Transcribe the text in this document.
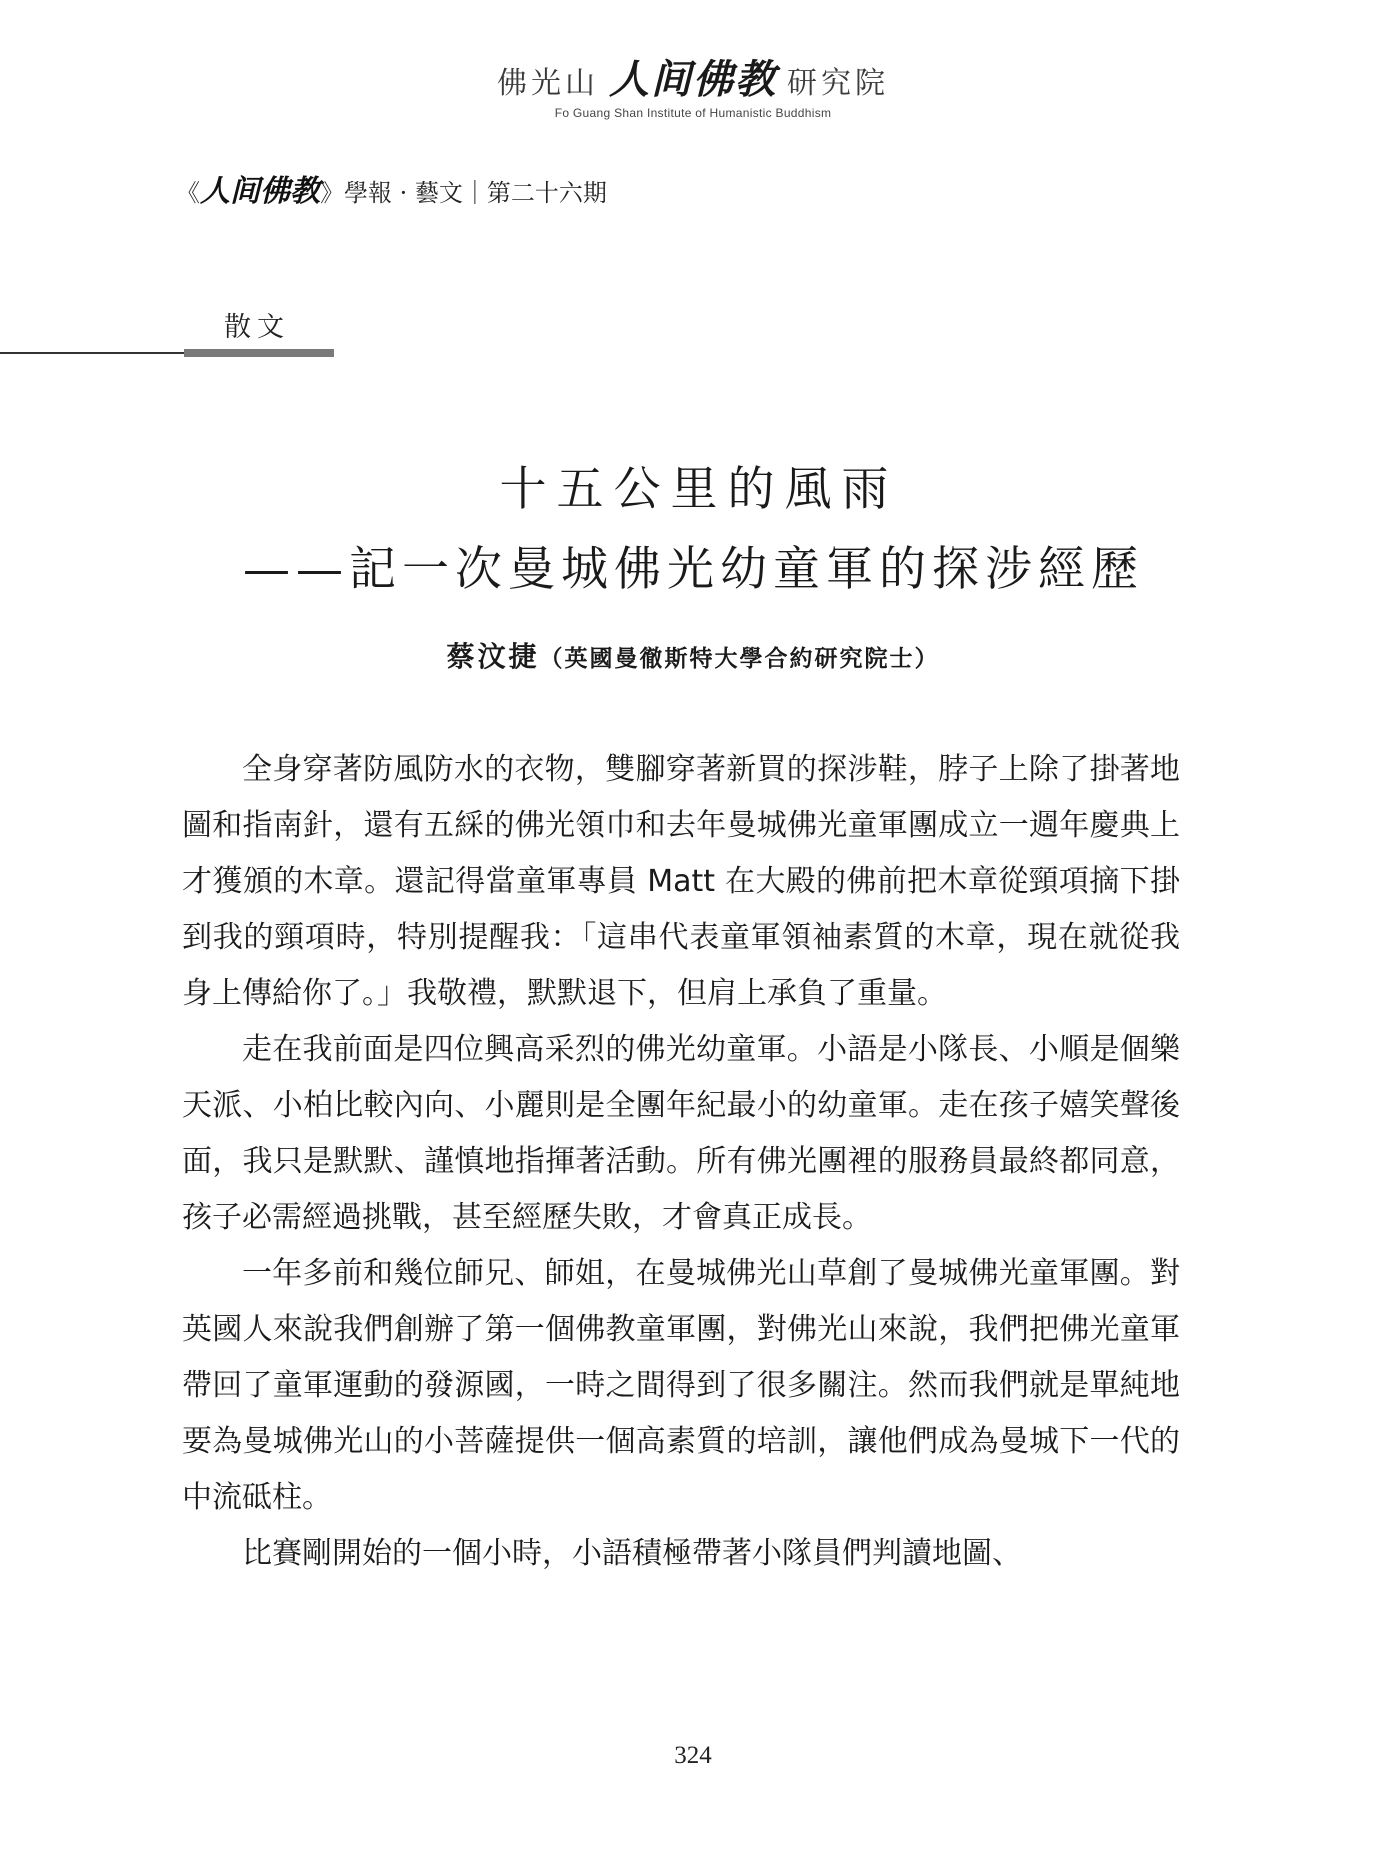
佛光山 人间佛教 研究院
Fo Guang Shan Institute of Humanistic Buddhism
《人间佛教》學報 · 藝文｜第二十六期
散文
十五公里的風雨
——記一次曼城佛光幼童軍的探涉經歷
蔡汶捷（英國曼徹斯特大學合約研究院士）

全身穿著防風防水的衣物，雙腳穿著新買的探涉鞋，脖子上除了掛著地圖和指南針，還有五綵的佛光領巾和去年曼城佛光童軍團成立一週年慶典上才獲頒的木章。還記得當童軍專員 Matt 在大殿的佛前把木章從頸項摘下掛到我的頸項時，特別提醒我：「這串代表童軍領袖素質的木章，現在就從我身上傳給你了。」我敬禮，默默退下，但肩上承負了重量。

走在我前面是四位興高采烈的佛光幼童軍。小語是小隊長、小順是個樂天派、小柏比較內向、小麗則是全團年紀最小的幼童軍。走在孩子嬉笑聲後面，我只是默默、謹慎地指揮著活動。所有佛光團裡的服務員最終都同意，孩子必需經過挑戰，甚至經歷失敗，才會真正成長。

一年多前和幾位師兄、師姐，在曼城佛光山草創了曼城佛光童軍團。對英國人來說我們創辦了第一個佛教童軍團，對佛光山來說，我們把佛光童軍帶回了童軍運動的發源國，一時之間得到了很多關注。然而我們就是單純地要為曼城佛光山的小菩薩提供一個高素質的培訓，讓他們成為曼城下一代的中流砥柱。

比賽剛開始的一個小時，小語積極帶著小隊員們判讀地圖、

324
